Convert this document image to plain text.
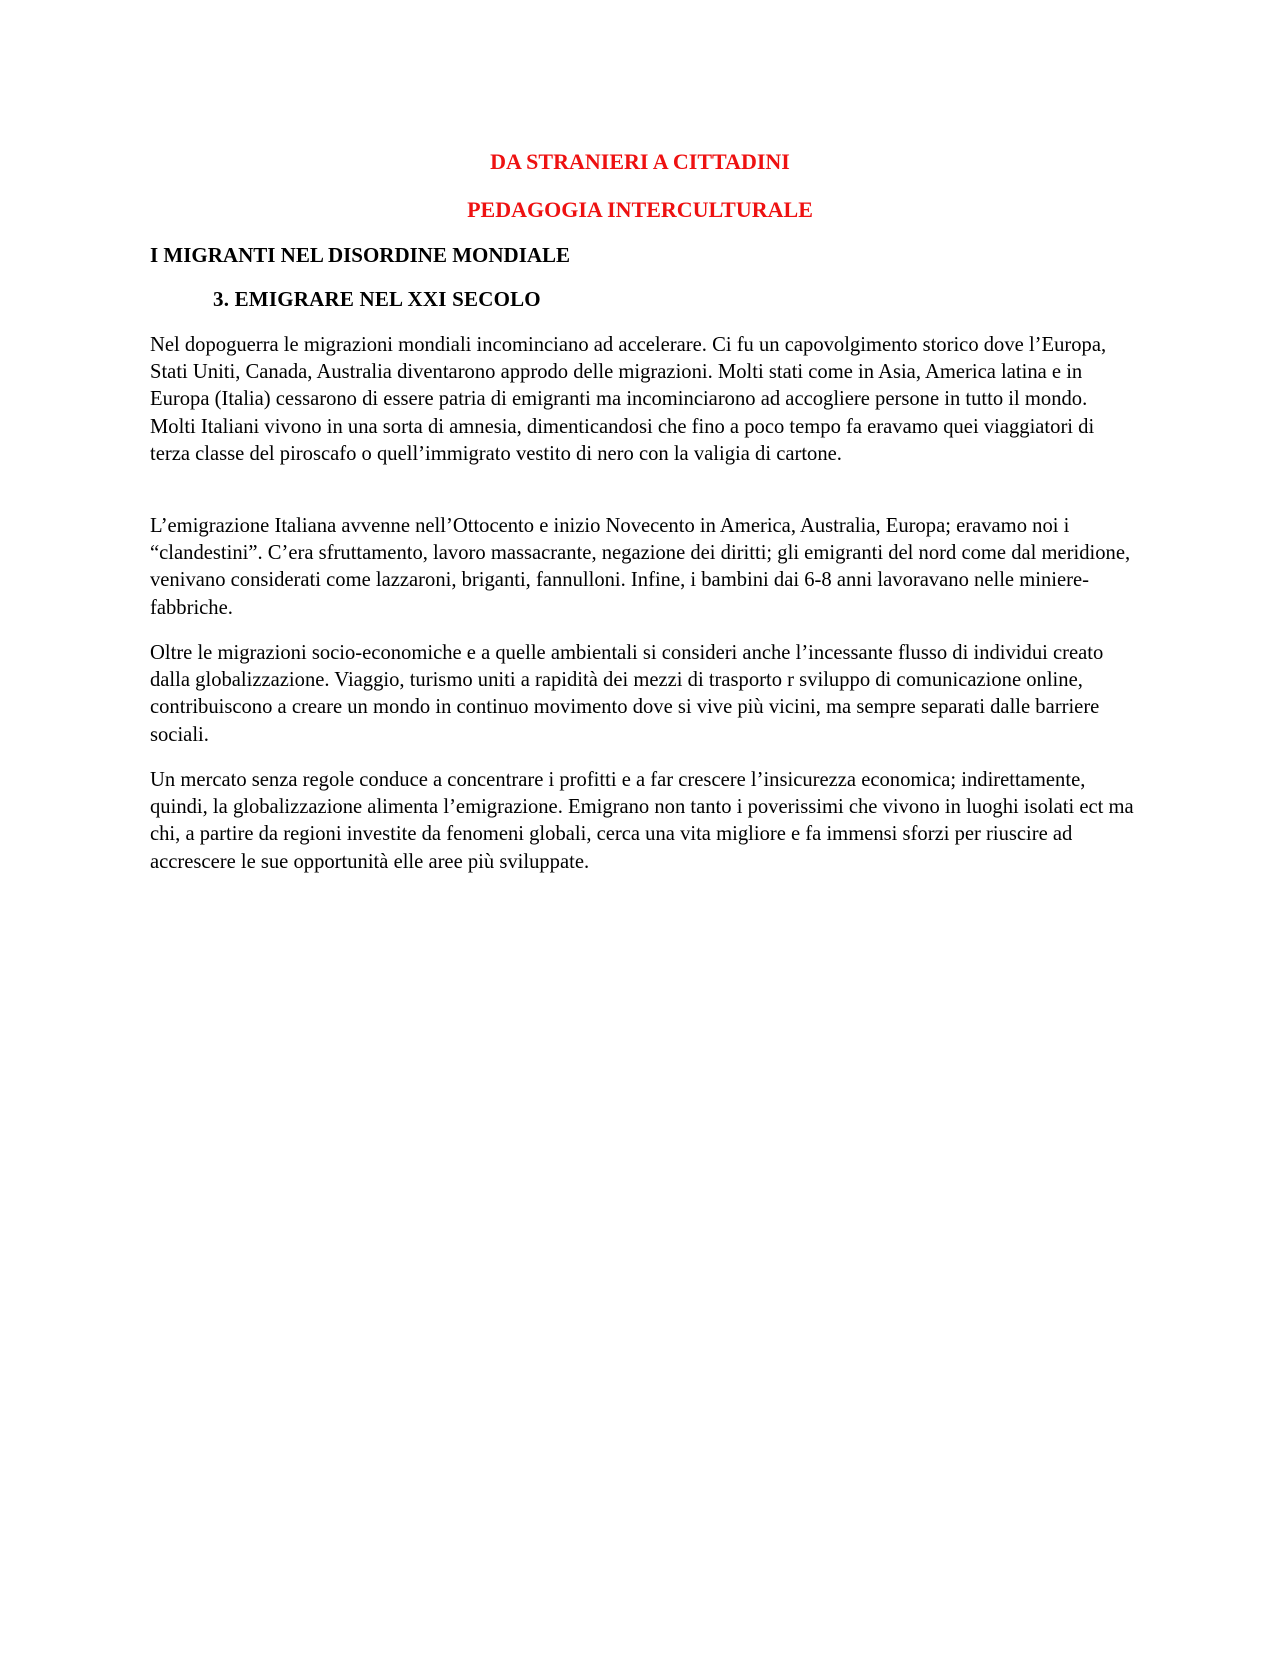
DA STRANIERI A CITTADINI
PEDAGOGIA INTERCULTURALE
I MIGRANTI NEL DISORDINE MONDIALE
3. EMIGRARE NEL XXI SECOLO

Nel dopoguerra le migrazioni mondiali incominciano ad accelerare. Ci fu un capovolgimento storico dove l’Europa, Stati Uniti, Canada, Australia diventarono approdo delle migrazioni. Molti stati come in Asia, America latina e in Europa (Italia) cessarono di essere patria di emigranti ma incominciarono ad accogliere persone in tutto il mondo. Molti Italiani vivono in una sorta di amnesia, dimenticandosi che fino a poco tempo fa eravamo quei viaggiatori di terza classe del piroscafo o quell’immigrato vestito di nero con la valigia di cartone.

L’emigrazione Italiana avvenne nell’Ottocento e inizio Novecento in America, Australia, Europa; eravamo noi i “clandestini”. C’era sfruttamento, lavoro massacrante, negazione dei diritti; gli emigranti del nord come dal meridione, venivano considerati come lazzaroni, briganti, fannulloni. Infine, i bambini dai 6-8 anni lavoravano nelle miniere-fabbriche.

Oltre le migrazioni socio-economiche e a quelle ambientali si consideri anche l’incessante flusso di individui creato dalla globalizzazione. Viaggio, turismo uniti a rapidità dei mezzi di trasporto r sviluppo di comunicazione online, contribuiscono a creare un mondo in continuo movimento dove si vive più vicini, ma sempre separati dalle barriere sociali.

Un mercato senza regole conduce a concentrare i profitti e a far crescere l’insicurezza economica; indirettamente, quindi, la globalizzazione alimenta l’emigrazione. Emigrano non tanto i poverissimi che vivono in luoghi isolati ect ma chi, a partire da regioni investite da fenomeni globali, cerca una vita migliore e fa immensi sforzi per riuscire ad accrescere le sue opportunità elle aree più sviluppate.
